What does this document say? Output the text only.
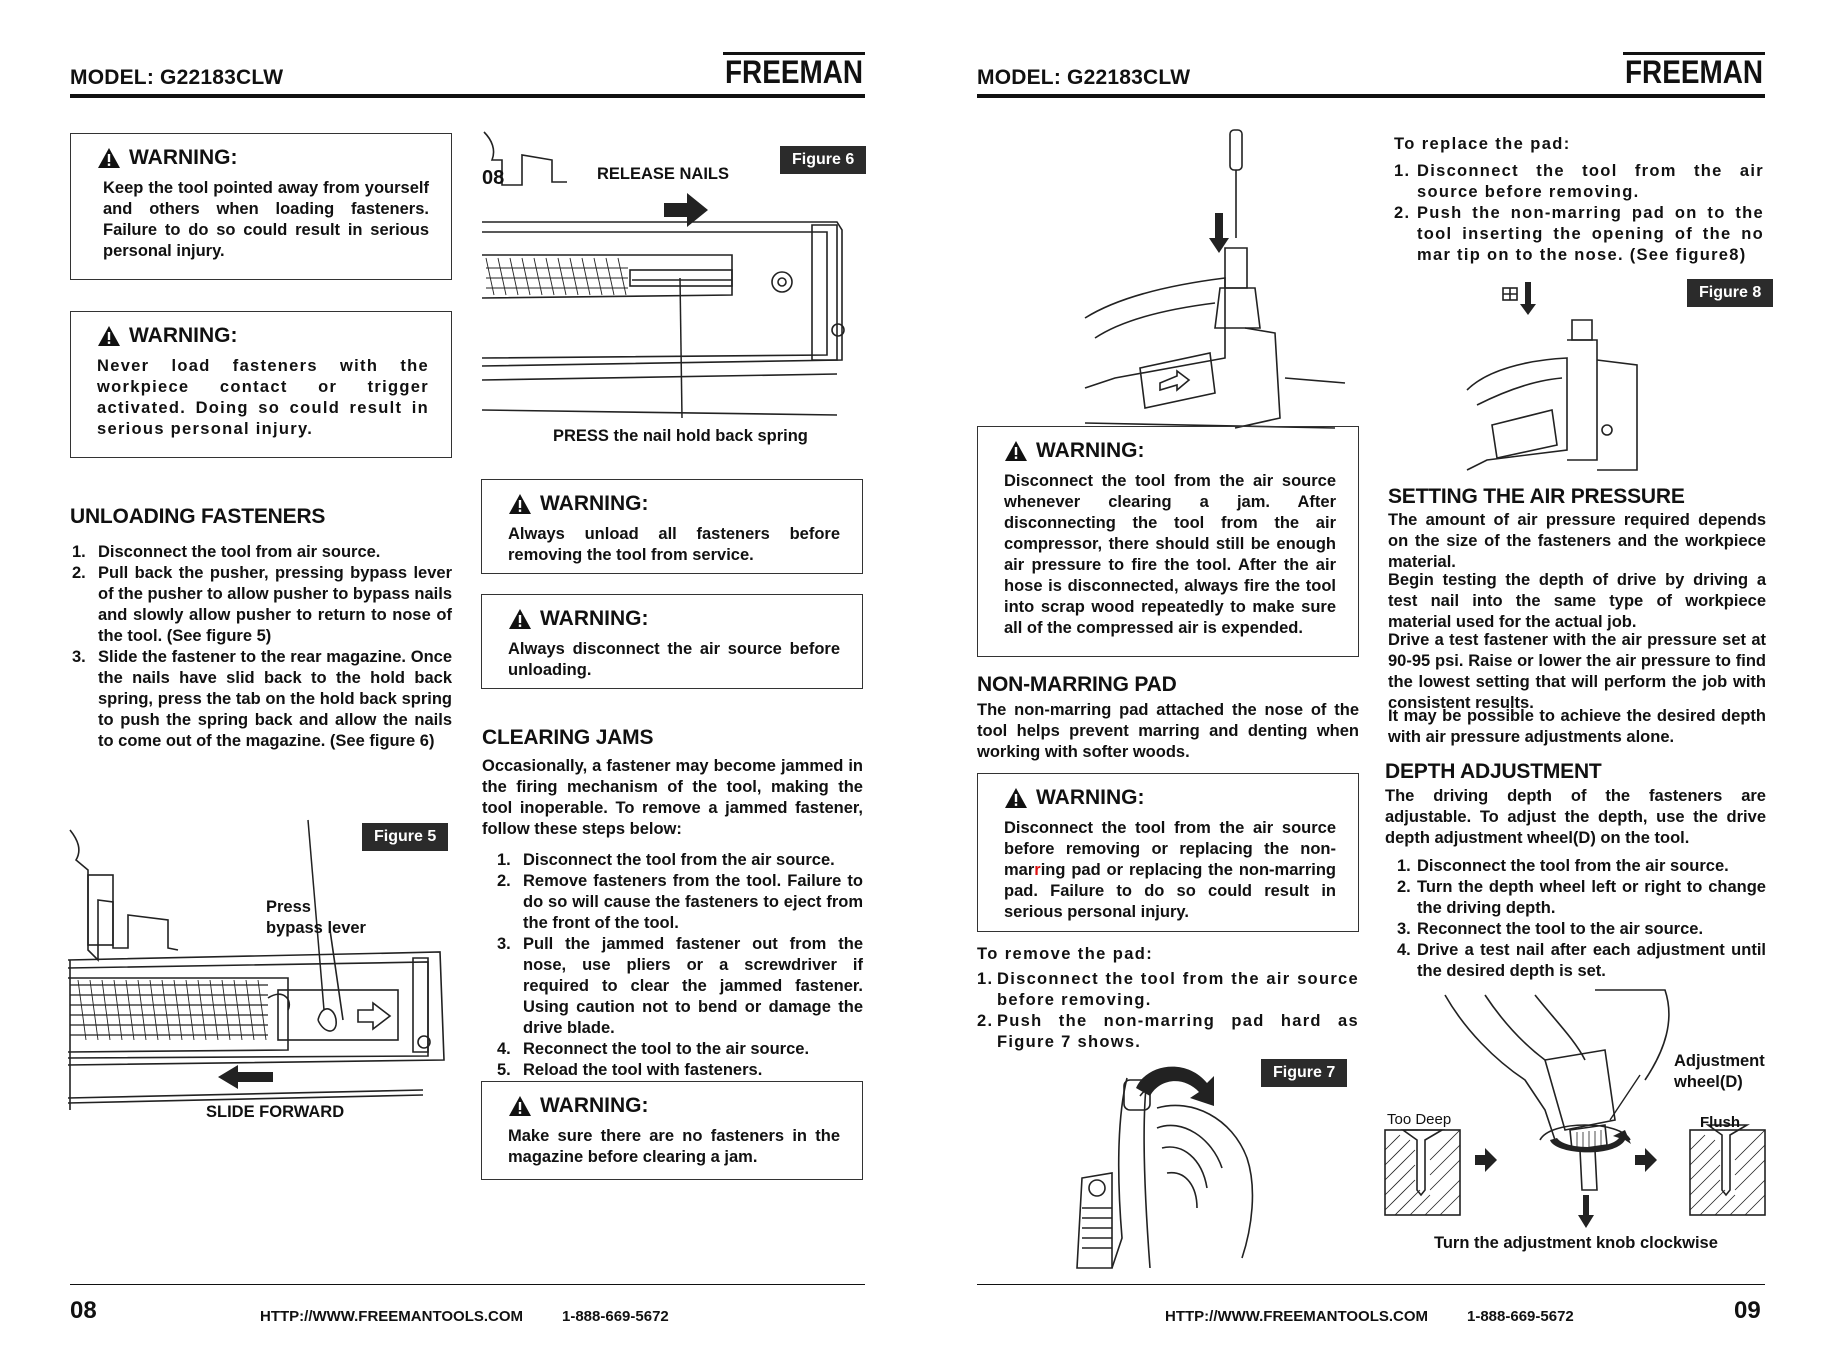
MODEL: G22183CLW	FREEMAN
WARNING:
Keep the tool pointed away from yourself and others when loading fasteners. Failure to do so could result in serious personal injury.
WARNING:
Never load fasteners with the workpiece contact or trigger activated. Doing so could result in serious personal injury.
UNLOADING FASTENERS
1. Disconnect the tool from air source.
2. Pull back the pusher, pressing bypass lever of the pusher to allow pusher to bypass nails and slowly allow pusher to return to nose of the tool. (See figure 5)
3. Slide the fastener to the rear magazine. Once the nails have slid back to the hold back spring, press the tab on the hold back spring to push the spring back and allow the nails to come out of the magazine. (See figure 6)
Figure 5
Press
bypass lever
SLIDE FORWARD
08	RELEASE NAILS
Figure 6
PRESS the nail hold back spring
WARNING:
Always unload all fasteners before removing the tool from service.
WARNING:
Always disconnect the air source before unloading.
CLEARING JAMS
Occasionally, a fastener may become jammed in the firing mechanism of the tool, making the tool inoperable. To remove a jammed fastener, follow these steps below:
1. Disconnect the tool from the air source.
2. Remove fasteners from the tool. Failure to do so will cause the fasteners to eject from the front of the tool.
3. Pull the jammed fastener out from the nose, use pliers or a screwdriver if required to clear the jammed fastener. Using caution not to bend or damage the drive blade.
4. Reconnect the tool to the air source.
5. Reload the tool with fasteners.
WARNING:
Make sure there are no fasteners in the magazine before clearing a jam.
08	HTTP://WWW.FREEMANTOOLS.COM	1-888-669-5672
MODEL: G22183CLW	FREEMAN
WARNING:
Disconnect the tool from the air source whenever clearing a jam. After disconnecting the tool from the air compressor, there should still be enough air pressure to fire the tool. After the air hose is disconnected, always fire the tool into scrap wood repeatedly to make sure all of the compressed air is expended.
NON-MARRING PAD
The non-marring pad attached the nose of the tool helps prevent marring and denting when working with softer woods.
WARNING:
Disconnect the tool from the air source before removing or replacing the non-marring pad or replacing the non-marring pad. Failure to do so could result in serious personal injury.
To remove the pad:
1. Disconnect the tool from the air source before removing.
2. Push the non-marring pad hard as Figure 7 shows.
Figure 7
To replace the pad:
1. Disconnect the tool from the air source before removing.
2. Push the non-marring pad on to the tool inserting the opening of the no mar tip on to the nose. (See figure8)
Figure 8
SETTING THE AIR PRESSURE
The amount of air pressure required depends on the size of the fasteners and the workpiece material.
Begin testing the depth of drive by driving a test nail into the same type of workpiece material used for the actual job.
Drive a test fastener with the air pressure set at 90-95 psi. Raise or lower the air pressure to find the lowest setting that will perform the job with consistent results.
It may be possible to achieve the desired depth with air pressure adjustments alone.
DEPTH ADJUSTMENT
The driving depth of the fasteners are adjustable. To adjust the depth, use the drive depth adjustment wheel(D) on the tool.
1. Disconnect the tool from the air source.
2. Turn the depth wheel left or right to change the driving depth.
3. Reconnect the tool to the air source.
4. Drive a test nail after each adjustment until the desired depth is set.
Adjustment
wheel(D)
Too Deep	Flush
Turn the adjustment knob clockwise
HTTP://WWW.FREEMANTOOLS.COM	1-888-669-5672	09
